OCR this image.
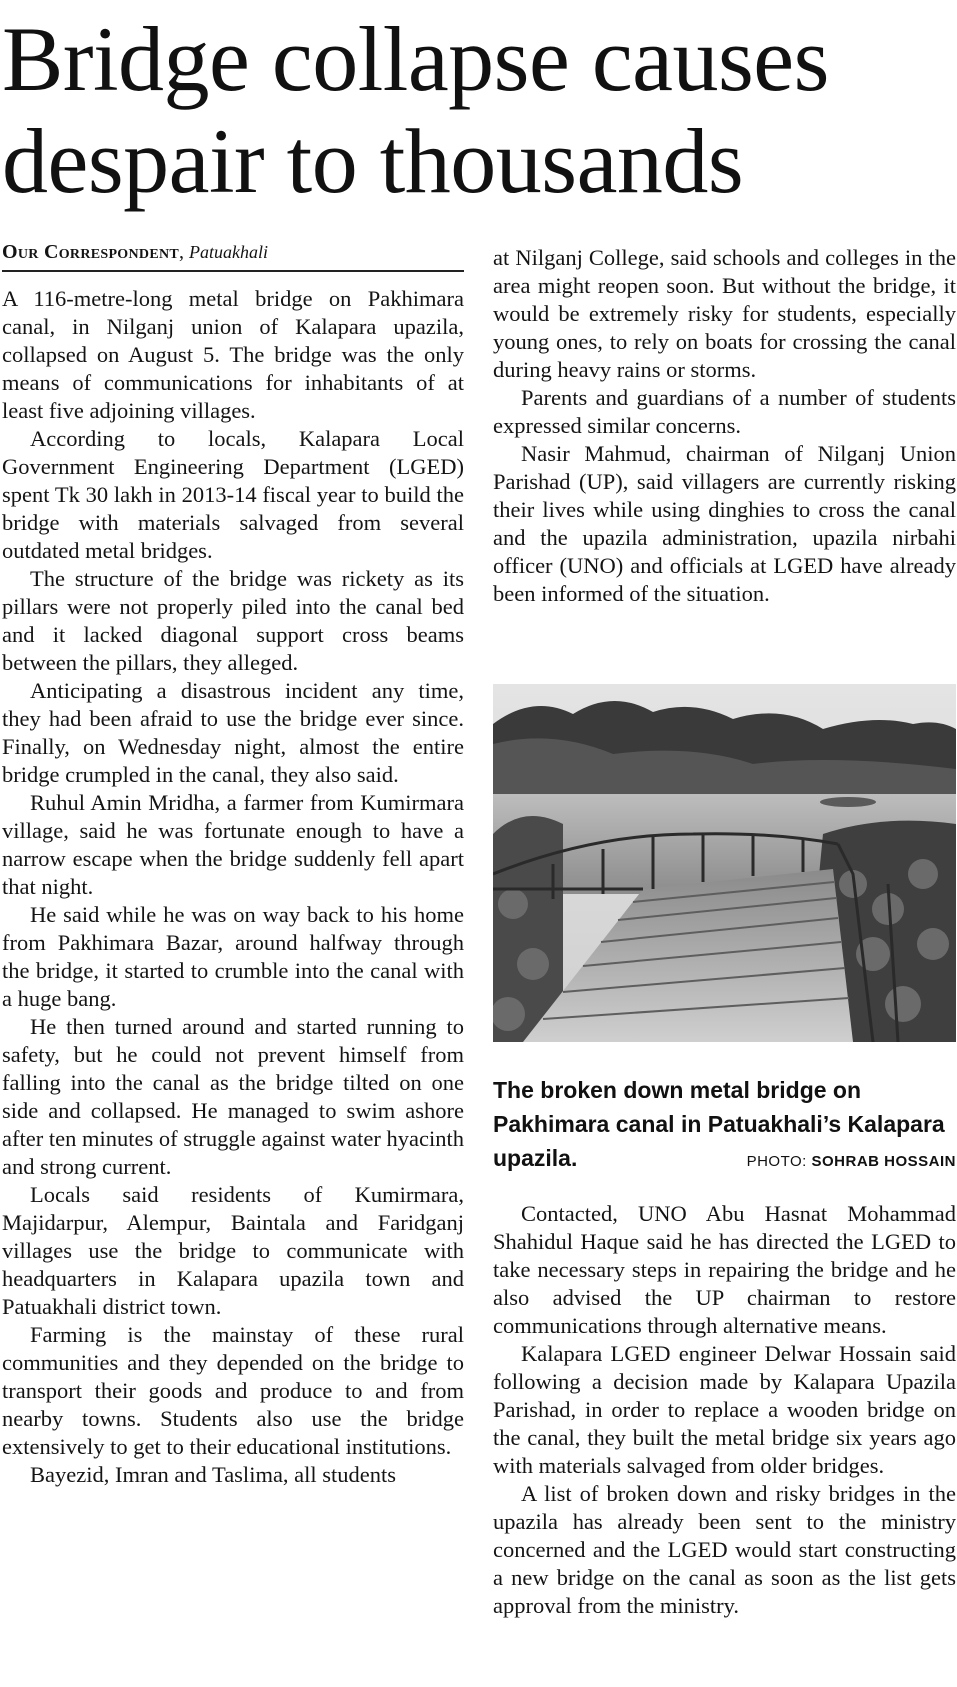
Bridge collapse causes
despair to thousands
Our Correspondent, Patuakhali

A 116-metre-long metal bridge on Pakhimara canal, in Nilganj union of Kalapara upazila, collapsed on August 5. The bridge was the only means of communications for inhabitants of at least five adjoining villages.

According to locals, Kalapara Local Government Engineering Department (LGED) spent Tk 30 lakh in 2013-14 fiscal year to build the bridge with materials salvaged from several outdated metal bridges.

The structure of the bridge was rickety as its pillars were not properly piled into the canal bed and it lacked diagonal support cross beams between the pillars, they alleged.

Anticipating a disastrous incident any time, they had been afraid to use the bridge ever since. Finally, on Wednesday night, almost the entire bridge crumpled in the canal, they also said.

Ruhul Amin Mridha, a farmer from Kumirmara village, said he was fortunate enough to have a narrow escape when the bridge suddenly fell apart that night.

He said while he was on way back to his home from Pakhimara Bazar, around halfway through the bridge, it started to crumble into the canal with a huge bang.

He then turned around and started running to safety, but he could not prevent himself from falling into the canal as the bridge tilted on one side and collapsed. He managed to swim ashore after ten minutes of struggle against water hyacinth and strong current.

Locals said residents of Kumirmara, Majidarpur, Alempur, Baintala and Faridganj villages use the bridge to communicate with headquarters in Kalapara upazila town and Patuakhali district town.

Farming is the mainstay of these rural communities and they depended on the bridge to transport their goods and produce to and from nearby towns. Students also use the bridge extensively to get to their educational institutions.

Bayezid, Imran and Taslima, all students

at Nilganj College, said schools and colleges in the area might reopen soon. But without the bridge, it would be extremely risky for students, especially young ones, to rely on boats for crossing the canal during heavy rains or storms.

Parents and guardians of a number of students expressed similar concerns.

Nasir Mahmud, chairman of Nilganj Union Parishad (UP), said villagers are currently risking their lives while using dinghies to cross the canal and the upazila administration, upazila nirbahi officer (UNO) and officials at LGED have already been informed of the situation.

The broken down metal bridge on Pakhimara canal in Patuakhali’s Kalapara upazila.	PHOTO: SOHRAB HOSSAIN

Contacted, UNO Abu Hasnat Mohammad Shahidul Haque said he has directed the LGED to take necessary steps in repairing the bridge and he also advised the UP chairman to restore communications through alternative means.

Kalapara LGED engineer Delwar Hossain said following a decision made by Kalapara Upazila Parishad, in order to replace a wooden bridge on the canal, they built the metal bridge six years ago with materials salvaged from older bridges.

A list of broken down and risky bridges in the upazila has already been sent to the ministry concerned and the LGED would start constructing a new bridge on the canal as soon as the list gets approval from the ministry.
